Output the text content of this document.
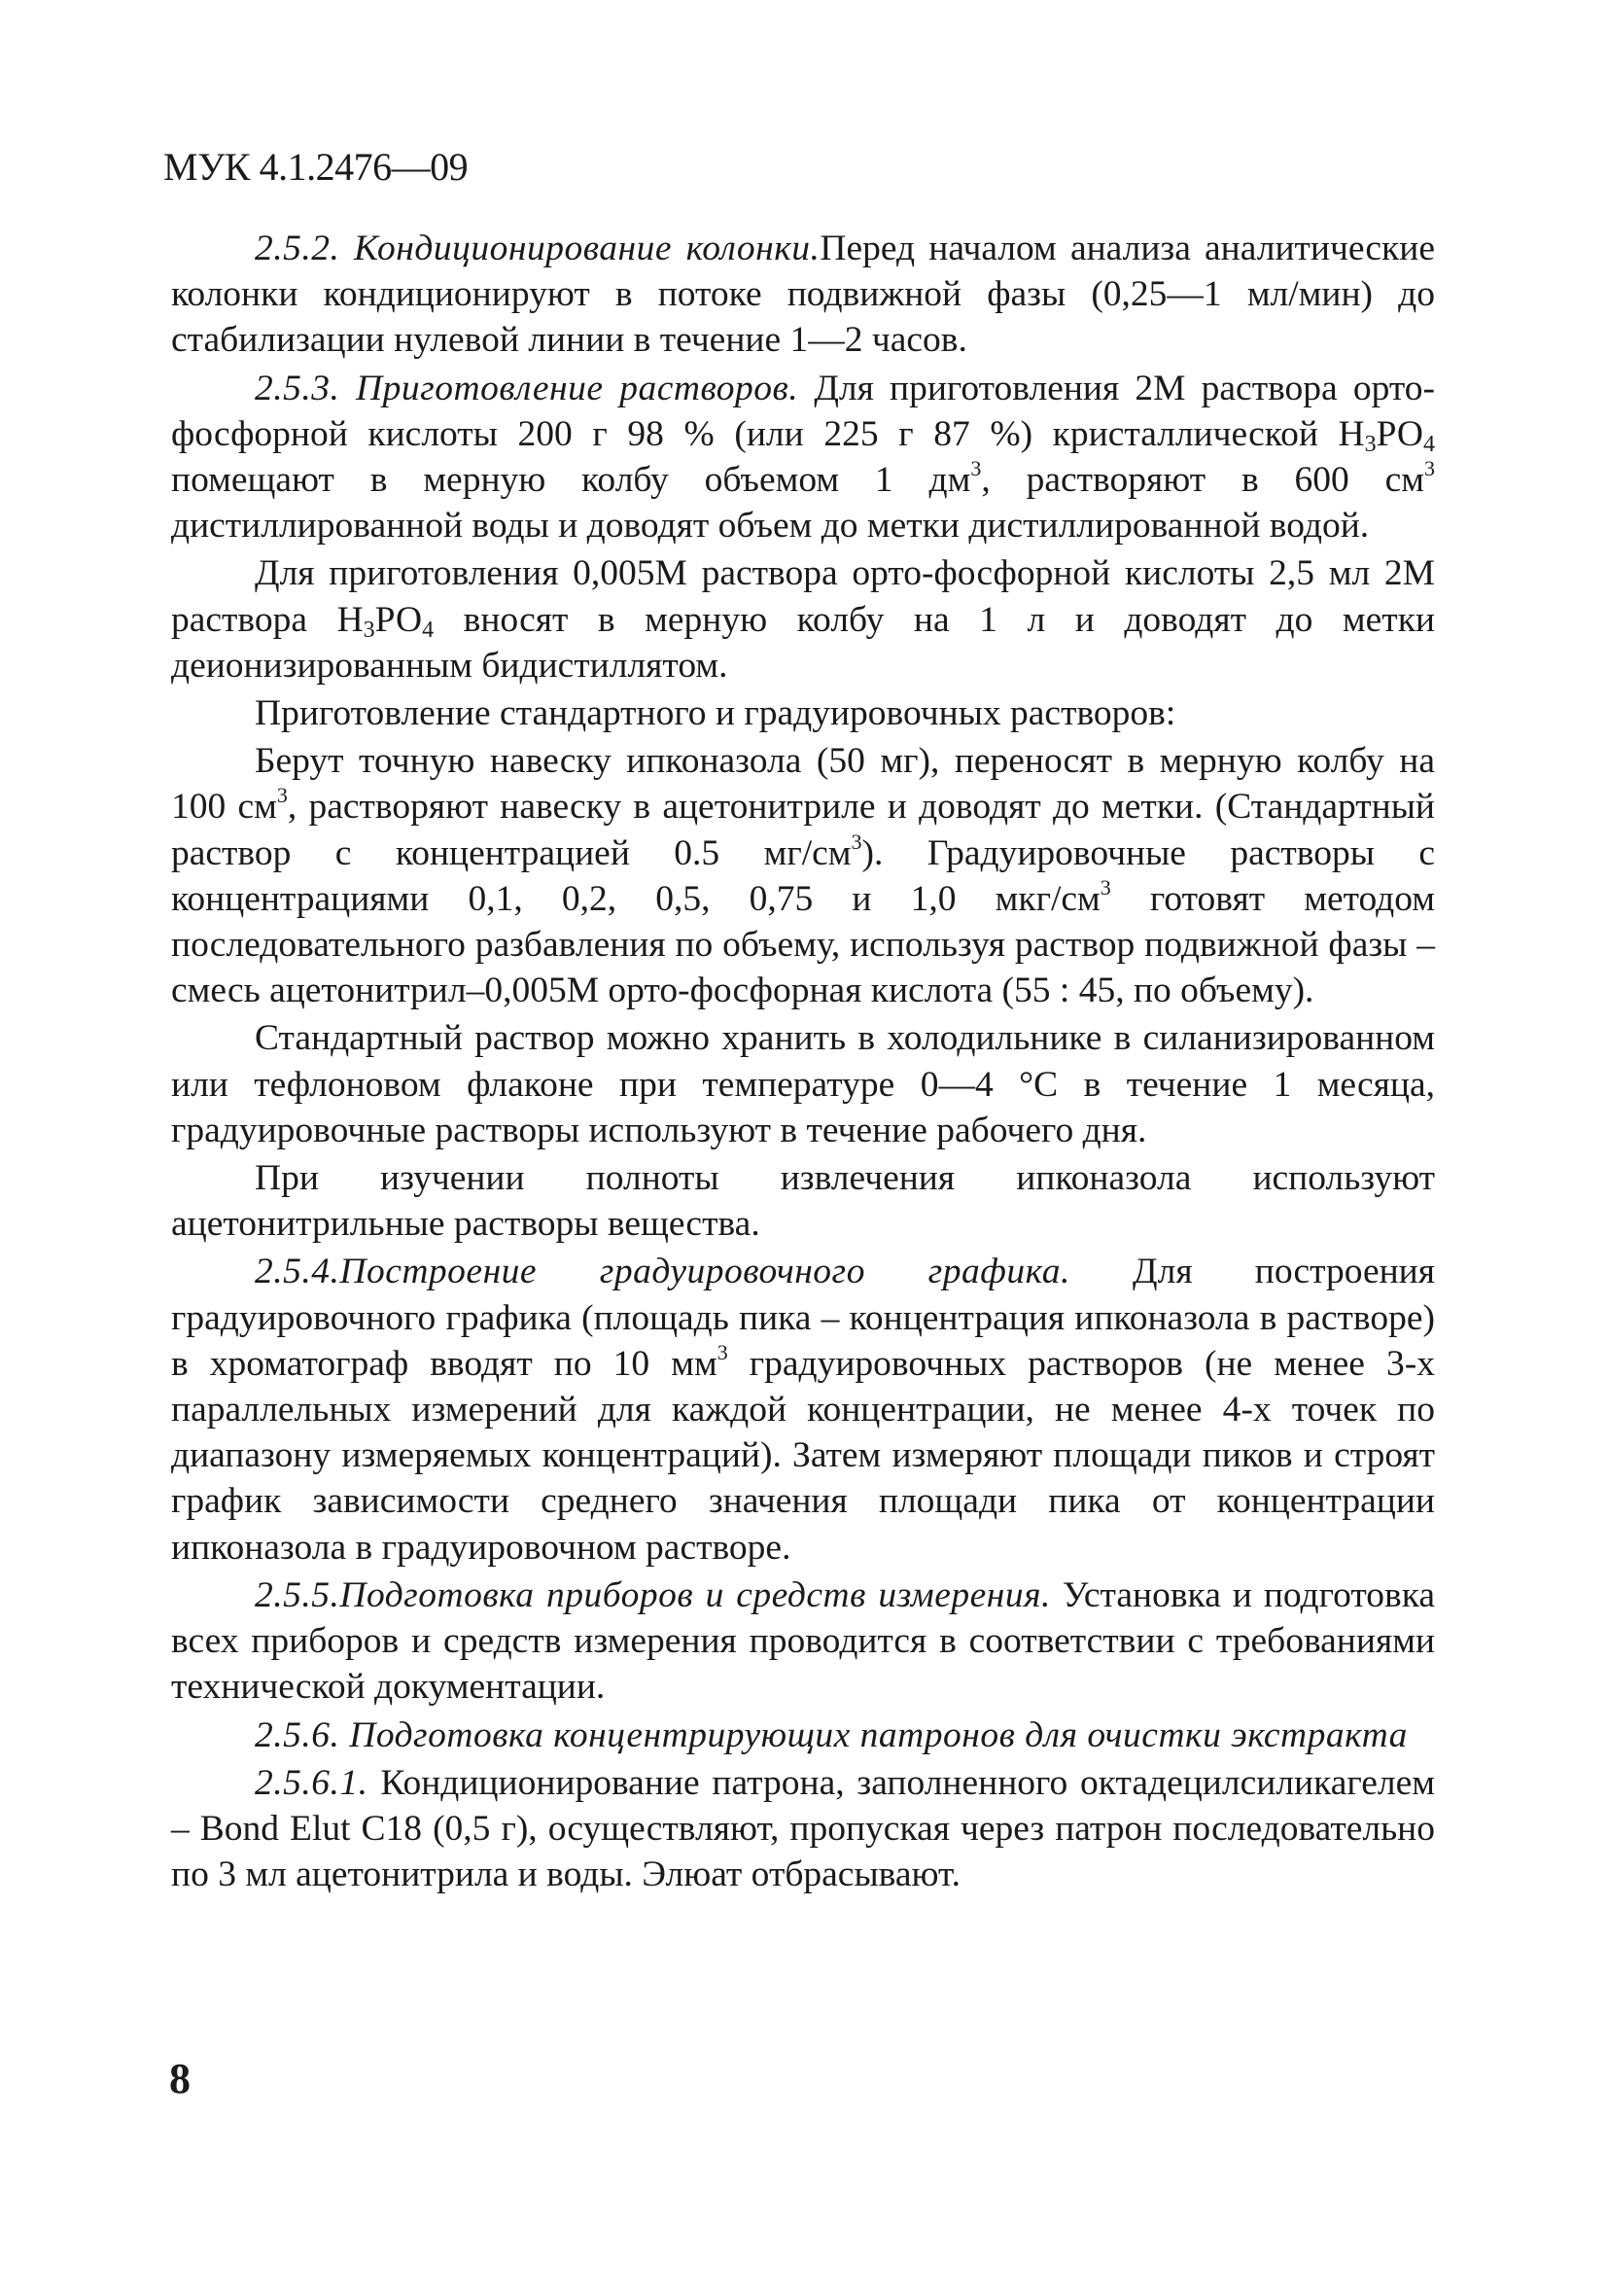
МУК 4.1.2476—09

2.5.2. Кондиционирование колонки.Перед началом анализа аналитические колонки кондиционируют в потоке подвижной фазы (0,25—1 мл/мин) до стабилизации нулевой линии в течение 1—2 часов.

2.5.3. Приготовление растворов. Для приготовления 2М раствора орто-фосфорной кислоты 200 г 98 % (или 225 г 87 %) кристаллической $Н_3РО_4$ помещают в мерную колбу объемом 1 $дм^3$, растворяют в 600 $см^3$ дистиллированной воды и доводят объем до метки дистиллированной водой.

Для приготовления 0,005М раствора орто-фосфорной кислоты 2,5 мл 2М раствора $Н_3РО_4$ вносят в мерную колбу на 1 л и доводят до метки деионизированным бидистиллятом.

Приготовление стандартного и градуировочных растворов:

Берут точную навеску ипконазола (50 мг), переносят в мерную колбу на 100 $см^3$, растворяют навеску в ацетонитриле и доводят до метки. (Стандартный раствор с концентрацией 0.5 $мг/см^3$). Градуировочные растворы с концентрациями 0,1, 0,2, 0,5, 0,75 и 1,0 мкг/$см^3$ готовят методом последовательного разбавления по объему, используя раствор подвижной фазы – смесь ацетонитрил–0,005М орто-фосфорная кислота (55 : 45, по объему).

Стандартный раствор можно хранить в холодильнике в силанизированном или тефлоновом флаконе при температуре 0—4 °С в течение 1 месяца, градуировочные растворы используют в течение рабочего дня.

При изучении полноты извлечения ипконазола используют ацетонитрильные растворы вещества.

2.5.4.Построение градуировочного графика. Для построения градуировочного графика (площадь пика – концентрация ипконазола в растворе) в хроматограф вводят по 10 $мм^3$ градуировочных растворов (не менее 3-х параллельных измерений для каждой концентрации, не менее 4-х точек по диапазону измеряемых концентраций). Затем измеряют площади пиков и строят график зависимости среднего значения площади пика от концентрации ипконазола в градуировочном растворе.

2.5.5.Подготовка приборов и средств измерения. Установка и подготовка всех приборов и средств измерения проводится в соответствии с требованиями технической документации.

2.5.6. Подготовка концентрирующих патронов для очистки экстракта

2.5.6.1. Кондиционирование патрона, заполненного октадецилсиликагелем – Bond Elut C18 (0,5 г), осуществляют, пропуская через патрон последовательно по 3 мл ацетонитрила и воды. Элюат отбрасывают.

8
